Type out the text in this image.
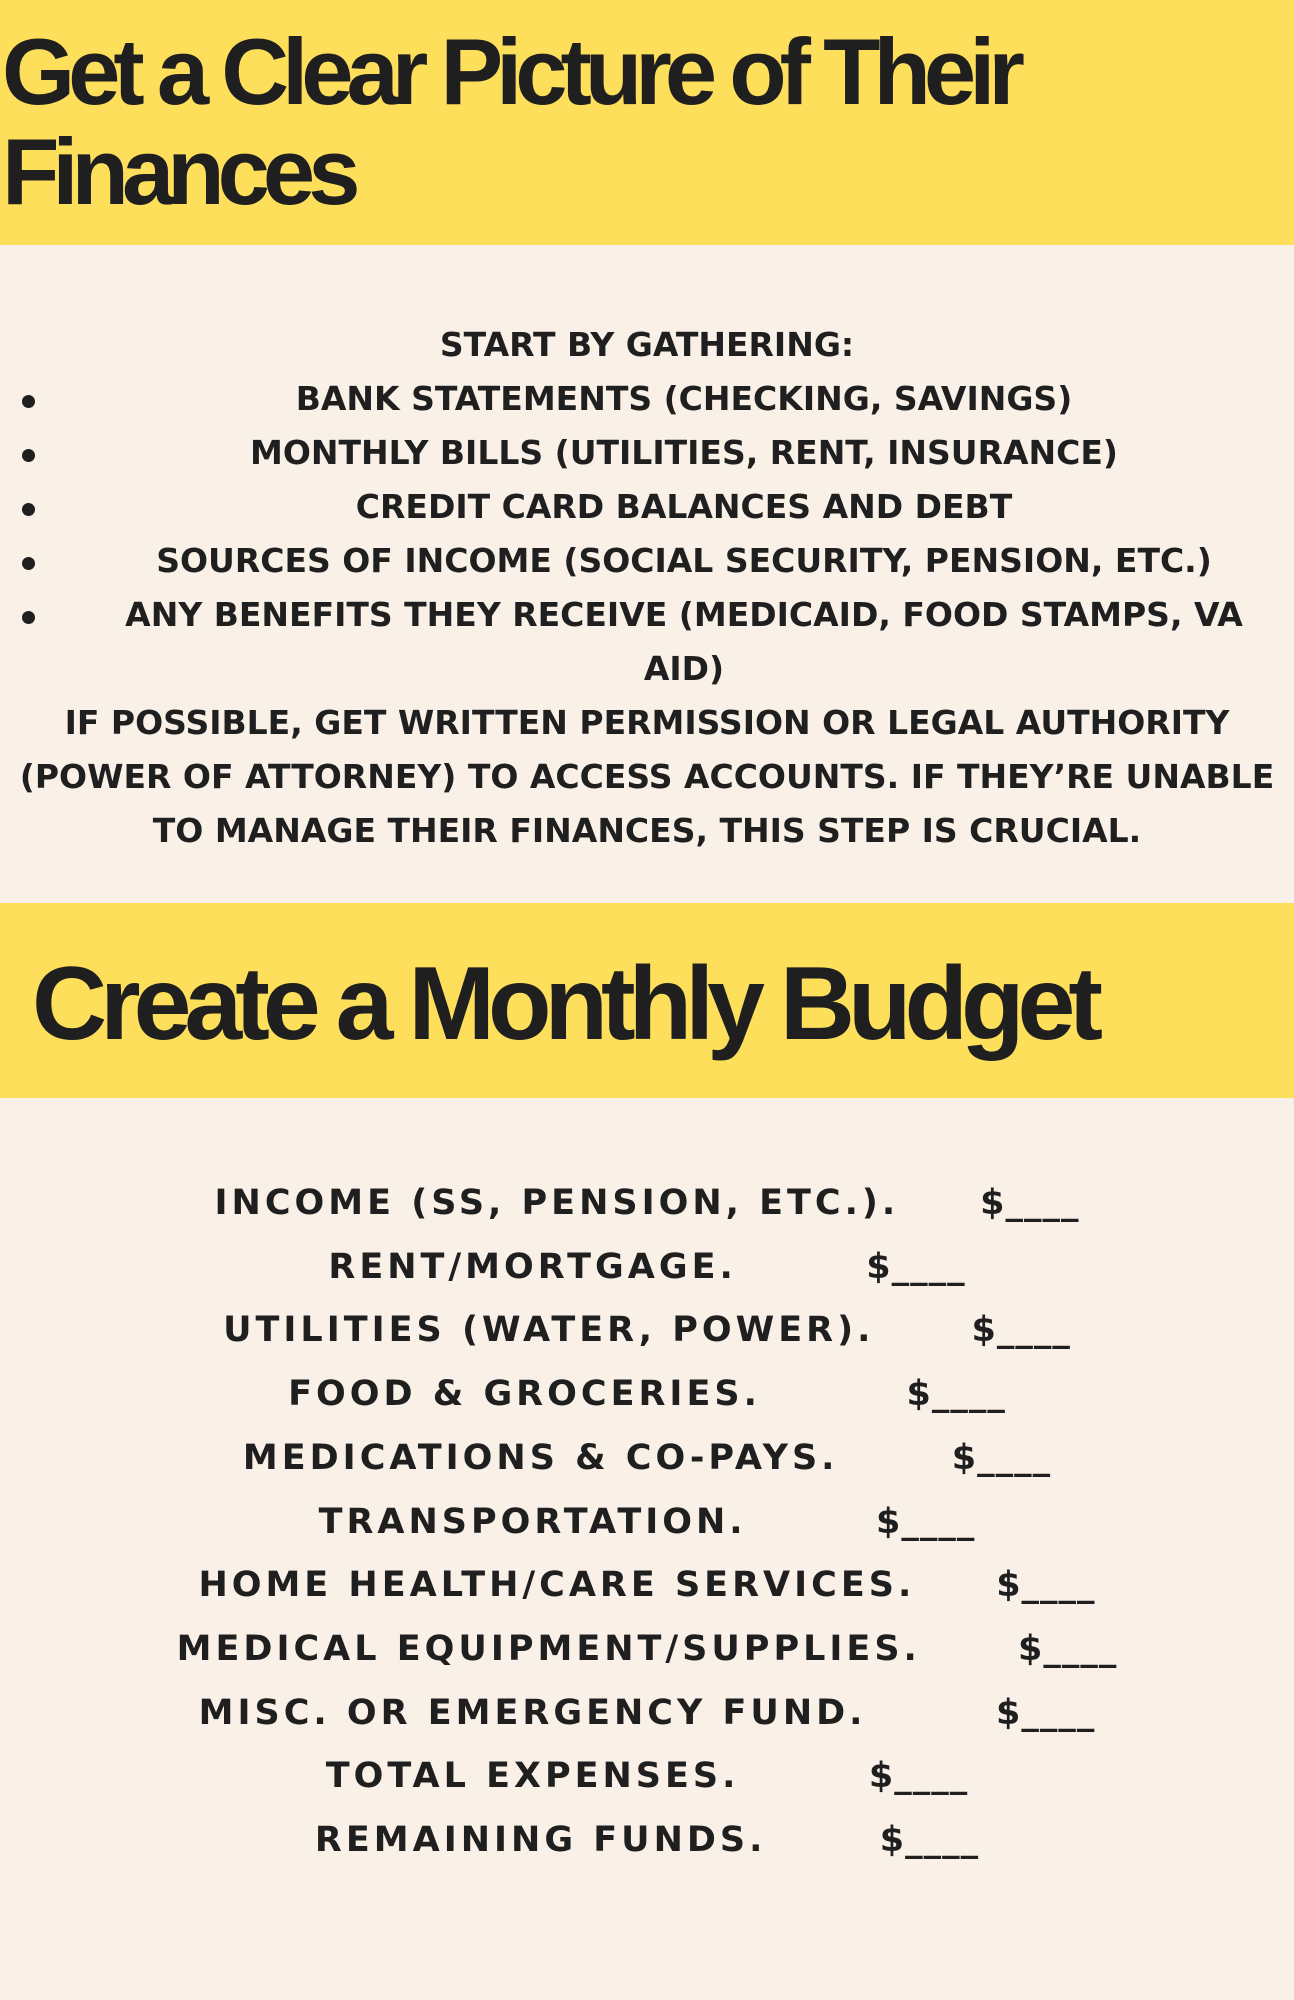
Get a Clear Picture of Their Finances

START BY GATHERING:

BANK STATEMENTS (CHECKING, SAVINGS)
MONTHLY BILLS (UTILITIES, RENT, INSURANCE)
CREDIT CARD BALANCES AND DEBT
SOURCES OF INCOME (SOCIAL SECURITY, PENSION, ETC.)
ANY BENEFITS THEY RECEIVE (MEDICAID, FOOD STAMPS, VA AID)

IF POSSIBLE, GET WRITTEN PERMISSION OR LEGAL AUTHORITY (POWER OF ATTORNEY) TO ACCESS ACCOUNTS. IF THEY’RE UNABLE TO MANAGE THEIR FINANCES, THIS STEP IS CRUCIAL.

Create a Monthly Budget
INCOME (SS, PENSION, ETC.). $____
RENT/MORTGAGE.	$____
UTILITIES (WATER, POWER).	$____
FOOD & GROCERIES.	$____
MEDICATIONS & CO-PAYS.	$____
TRANSPORTATION.	$____
HOME HEALTH/CARE SERVICES. $____
MEDICAL EQUIPMENT/SUPPLIES.	$____
MISC. OR EMERGENCY FUND.	$____
TOTAL EXPENSES.	$____
REMAINING FUNDS.	$____
